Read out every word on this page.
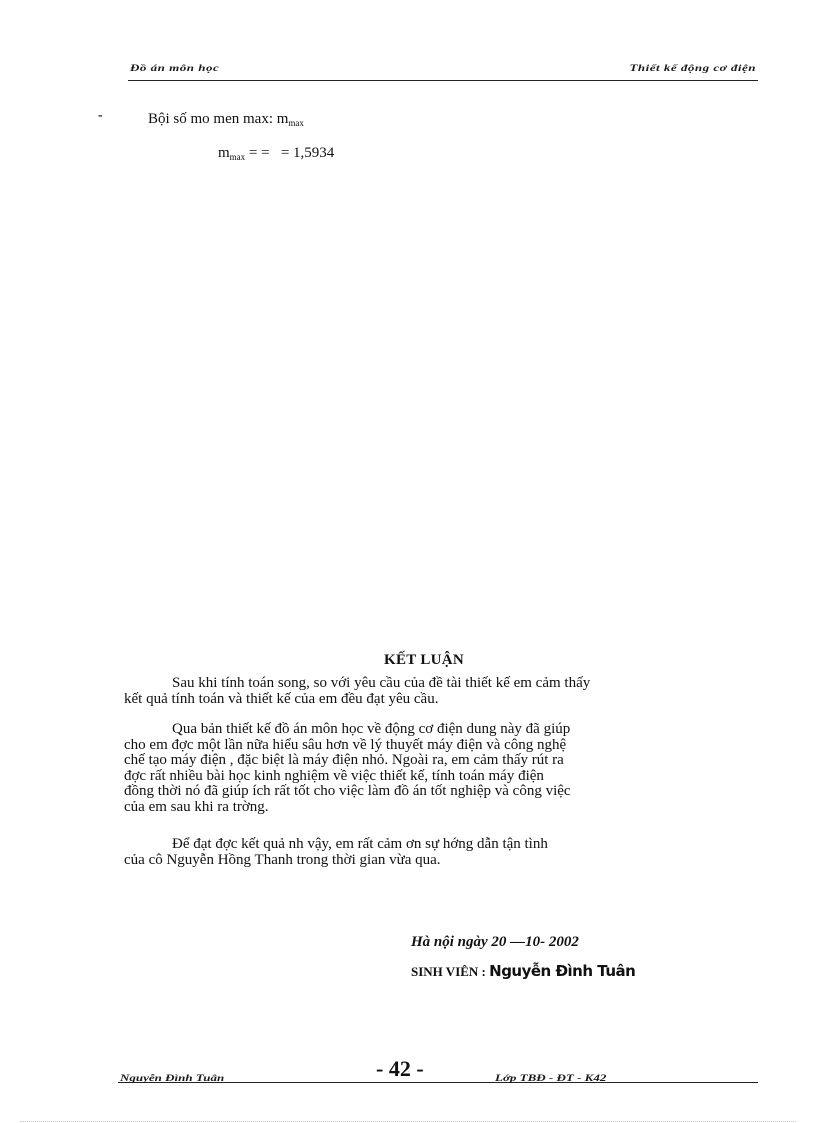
Đồ án môn học	Thiết kế động cơ điện
-	Bội số mo men max: $m_{max}$
$m_{max}$ = =   = 1,5934
KẾT LUẬN

Sau khi tính toán song, so với yêu cầu của đề tài thiết kế em cảm thấy
kết quả tính toán và thiết kế của em đều đạt yêu cầu.

Qua bản thiết kế đồ án môn học về động cơ điện dung này đã giúp
cho em đợc một lần nữa hiểu sâu hơn về lý thuyết máy điện và công nghệ
chế tạo máy điện , đặc biệt là máy điện nhỏ. Ngoài ra, em cảm thấy rút ra
đợc rất nhiều bài học kinh nghiệm về việc thiết kế, tính toán máy điện
đồng thời nó đã giúp ích rất tốt cho việc làm đồ án tốt nghiệp và công việc
của em sau khi ra trờng.

Để đạt đợc kết quả nh vậy, em rất cảm ơn sự hớng dẫn tận tình
của cô Nguyễn Hồng Thanh trong thời gian vừa qua.

Hà nội ngày 20 —10- 2002
SINH VIÊN : Nguyễn Đình Tuân
Nguyễn Đình Tuân	- 42 -	Lớp TBĐ - ĐT - K42
